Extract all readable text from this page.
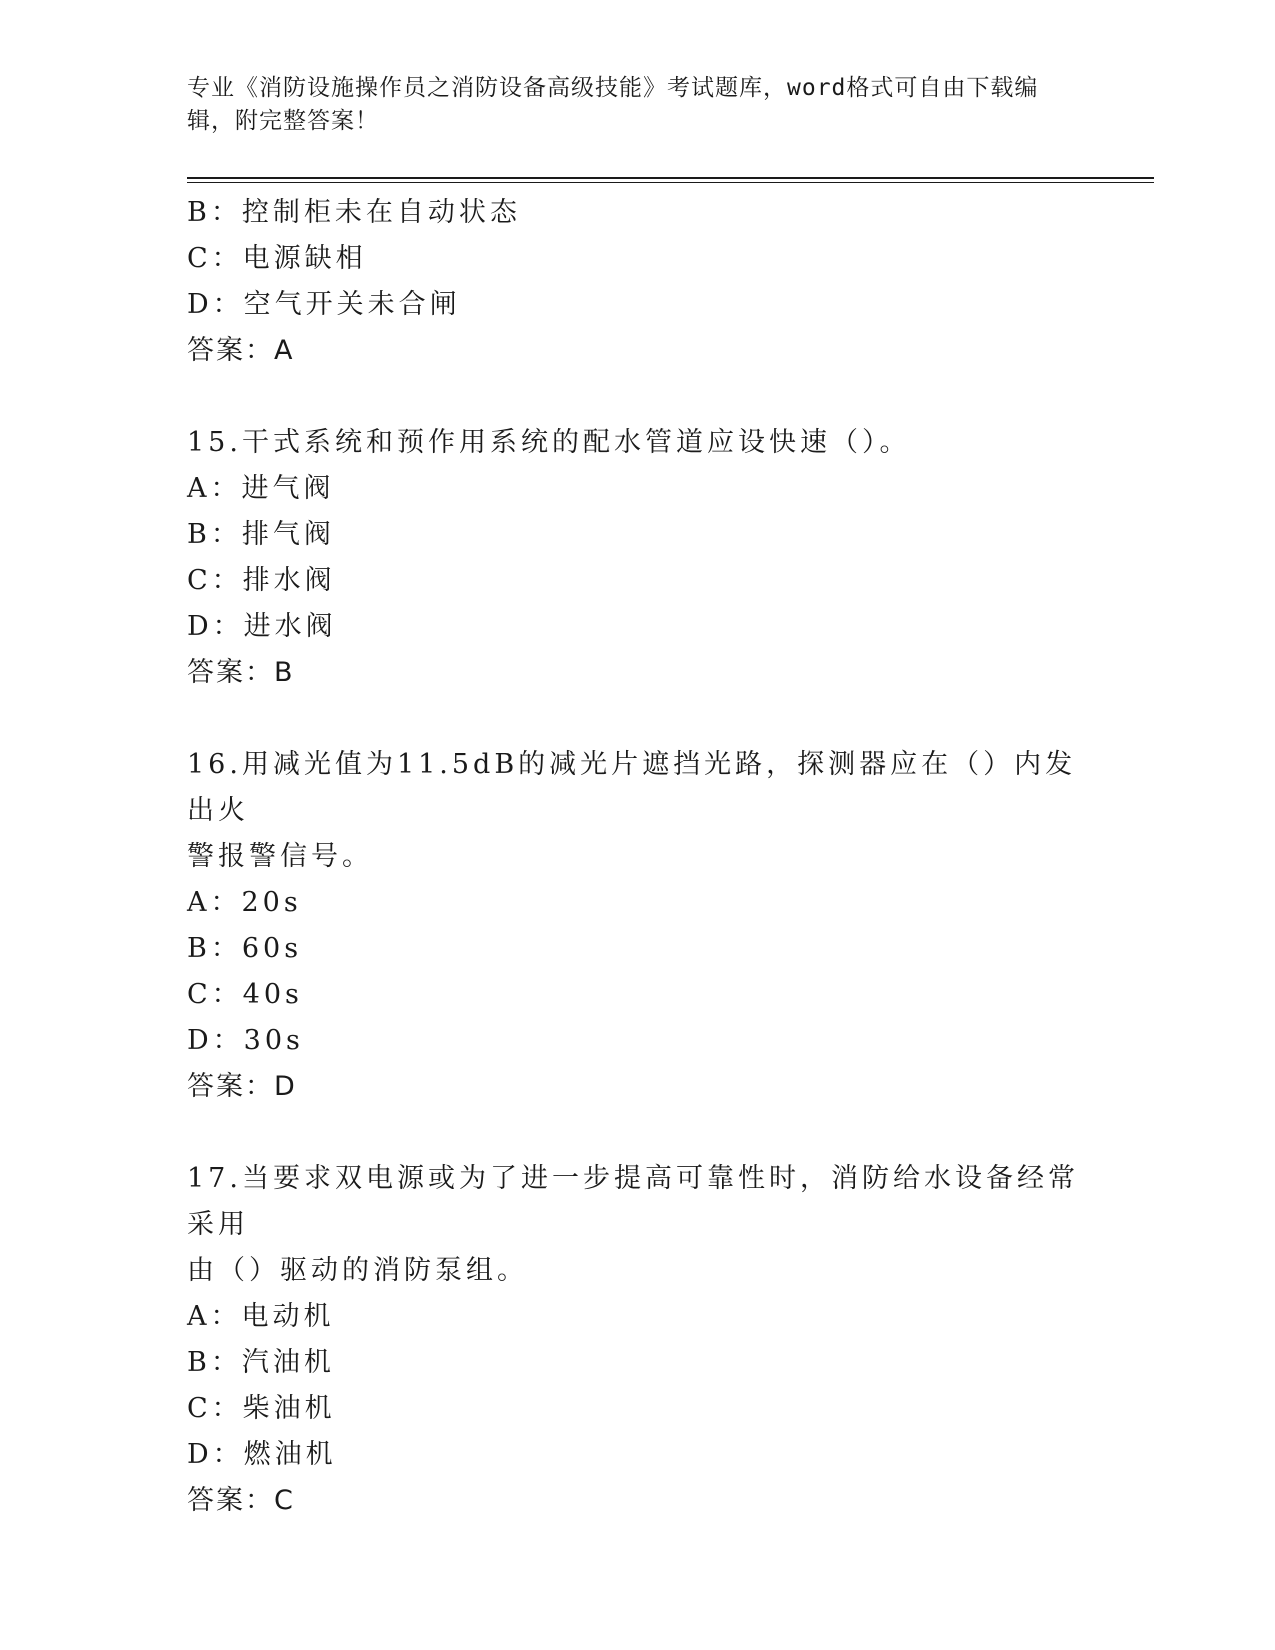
专业《消防设施操作员之消防设备高级技能》考试题库，word格式可自由下载编辑，附完整答案！
B：控制柜未在自动状态
C：电源缺相
D：空气开关未合闸
答案：A
15.干式系统和预作用系统的配水管道应设快速（）。
A：进气阀
B：排气阀
C：排水阀
D：进水阀
答案：B
16.用减光值为11.5dB的减光片遮挡光路，探测器应在（）内发出火
警报警信号。
A：20s
B：60s
C：40s
D：30s
答案：D
17.当要求双电源或为了进一步提高可靠性时，消防给水设备经常采用
由（）驱动的消防泵组。
A：电动机
B：汽油机
C：柴油机
D：燃油机
答案：C
